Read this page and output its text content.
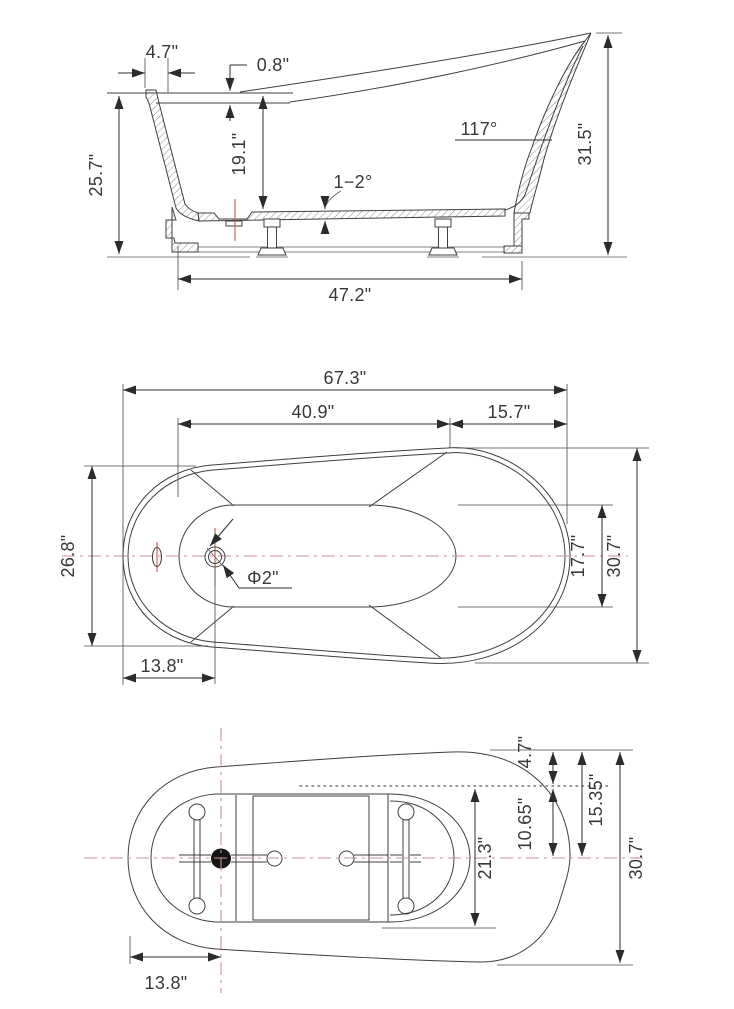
4.7"
0.8"
25.7"	19.1"
1−2°
117°	31.5"
47.2"
Φ2"
67.3"
40.9"	15.7"
26.8"	17.7" 30.7"
13.8"
4.7"
10.65"	15.35"
30.7"
21.3"
13.8"
